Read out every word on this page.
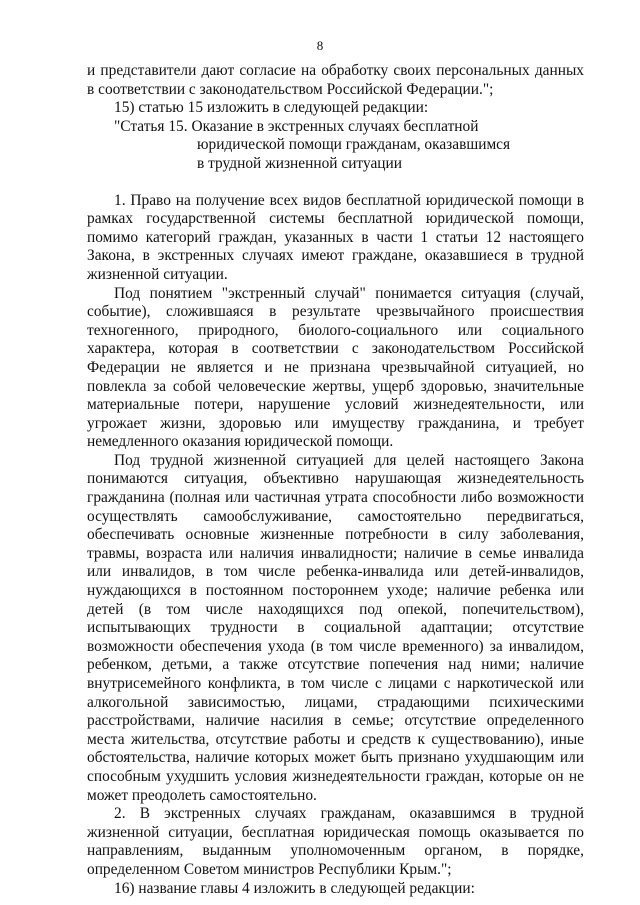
8

и представители дают согласие на обработку своих персональных данных в соответствии с законодательством Российской Федерации.";

15) статью 15 изложить в следующей редакции:

"Статья 15. Оказание в экстренных случаях бесплатной
юридической помощи гражданам, оказавшимся
в трудной жизненной ситуации

1. Право на получение всех видов бесплатной юридической помощи в рамках государственной системы бесплатной юридической помощи, помимо категорий граждан, указанных в части 1 статьи 12 настоящего Закона, в экстренных случаях имеют граждане, оказавшиеся в трудной жизненной ситуации.

Под понятием "экстренный случай" понимается ситуация (случай, событие), сложившаяся в результате чрезвычайного происшествия техногенного, природного, биолого-социального или социального характера, которая в соответствии с законодательством Российской Федерации не является и не признана чрезвычайной ситуацией, но повлекла за собой человеческие жертвы, ущерб здоровью, значительные материальные потери, нарушение условий жизнедеятельности, или угрожает жизни, здоровью или имуществу гражданина, и требует немедленного оказания юридической помощи.

Под трудной жизненной ситуацией для целей настоящего Закона понимаются ситуация, объективно нарушающая жизнедеятельность гражданина (полная или частичная утрата способности либо возможности осуществлять самообслуживание, самостоятельно передвигаться, обеспечивать основные жизненные потребности в силу заболевания, травмы, возраста или наличия инвалидности; наличие в семье инвалида или инвалидов, в том числе ребенка-инвалида или детей-инвалидов, нуждающихся в постоянном постороннем уходе; наличие ребенка или детей (в том числе находящихся под опекой, попечительством), испытывающих трудности в социальной адаптации; отсутствие возможности обеспечения ухода (в том числе временного) за инвалидом, ребенком, детьми, а также отсутствие попечения над ними; наличие внутрисемейного конфликта, в том числе с лицами с наркотической или алкогольной зависимостью, лицами, страдающими психическими расстройствами, наличие насилия в семье; отсутствие определенного места жительства, отсутствие работы и средств к существованию), иные обстоятельства, наличие которых может быть признано ухудшающим или способным ухудшить условия жизнедеятельности граждан, которые он не может преодолеть самостоятельно.

2. В экстренных случаях гражданам, оказавшимся в трудной жизненной ситуации, бесплатная юридическая помощь оказывается по направлениям, выданным уполномоченным органом, в порядке, определенном Советом министров Республики Крым.";

16) название главы 4 изложить в следующей редакции:
